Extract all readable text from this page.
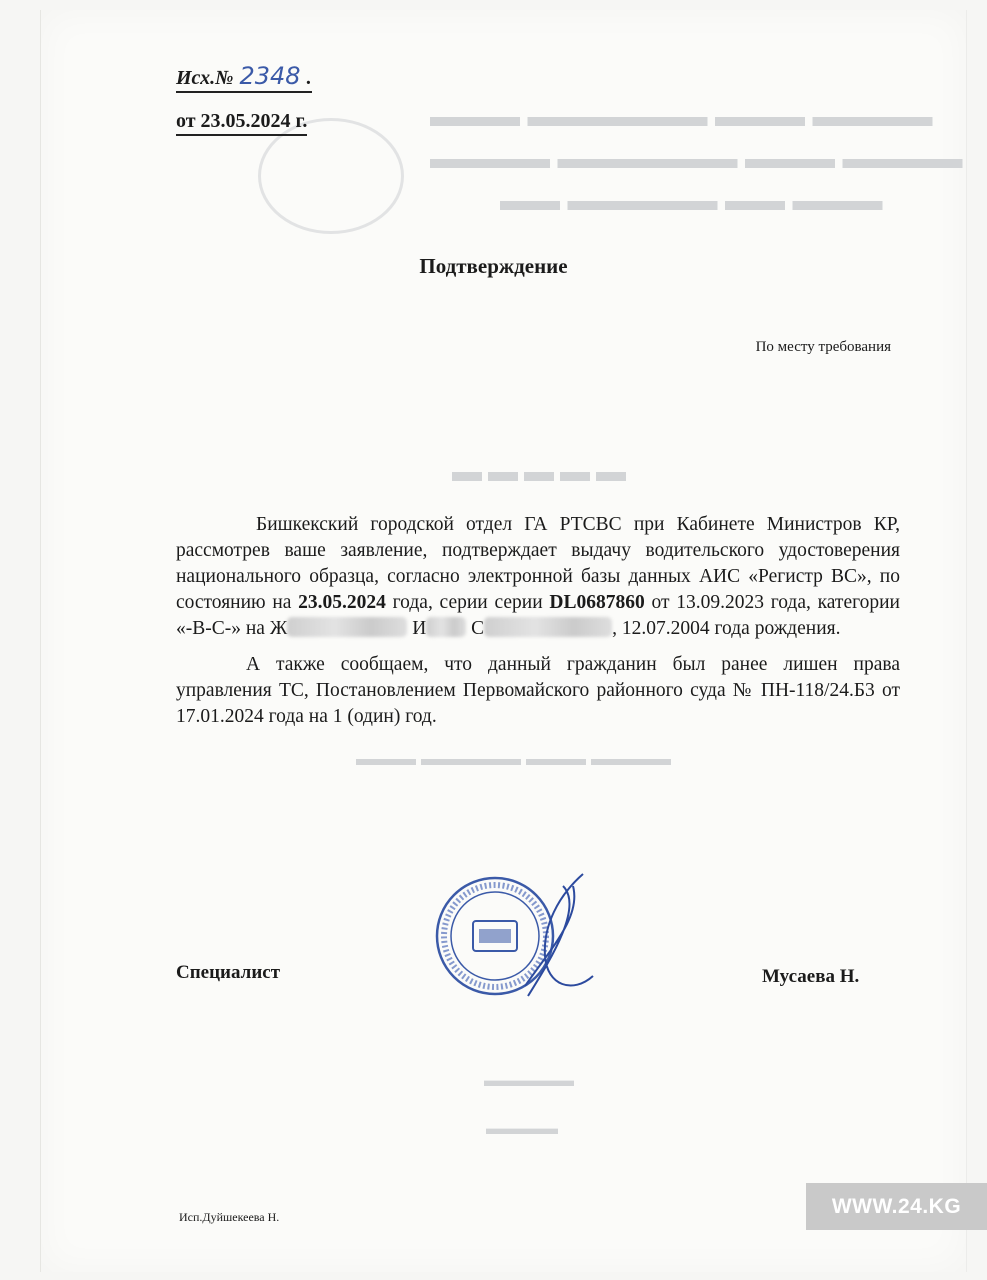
▬▬▬ ▬▬▬▬▬▬ ▬▬▬ ▬▬▬▬
▬▬▬▬ ▬▬▬▬▬▬ ▬▬▬ ▬▬▬▬
▬▬ ▬▬▬▬▬ ▬▬ ▬▬▬
▬▬▬▬▬
▬▬▬ ▬▬▬▬▬ ▬▬▬ ▬▬▬▬
▬▬▬▬▬
▬▬▬▬
Исх.№ 2348 .
от 23.05.2024 г.
Подтверждение
По месту требования

Бишкекский городской отдел ГА РТСВС при Кабинете Министров КР, рассмотрев ваше заявление, подтверждает выдачу водительского удостоверения национального образца, согласно электронной базы данных АИС «Регистр ВС», по состоянию на 23.05.2024 года, серии серии DL0687860 от 13.09.2023 года, категории «-В-С-» на Ж	И С	, 12.07.2004 года рождения.

А также сообщаем, что данный гражданин был ранее лишен права управления ТС, Постановлением Первомайского районного суда № ПН-118/24.Б3 от 17.01.2024 года на 1 (один) год.

Специалист	Мусаева Н.
Исп.Дуйшекеева Н.	WWW.24.KG
